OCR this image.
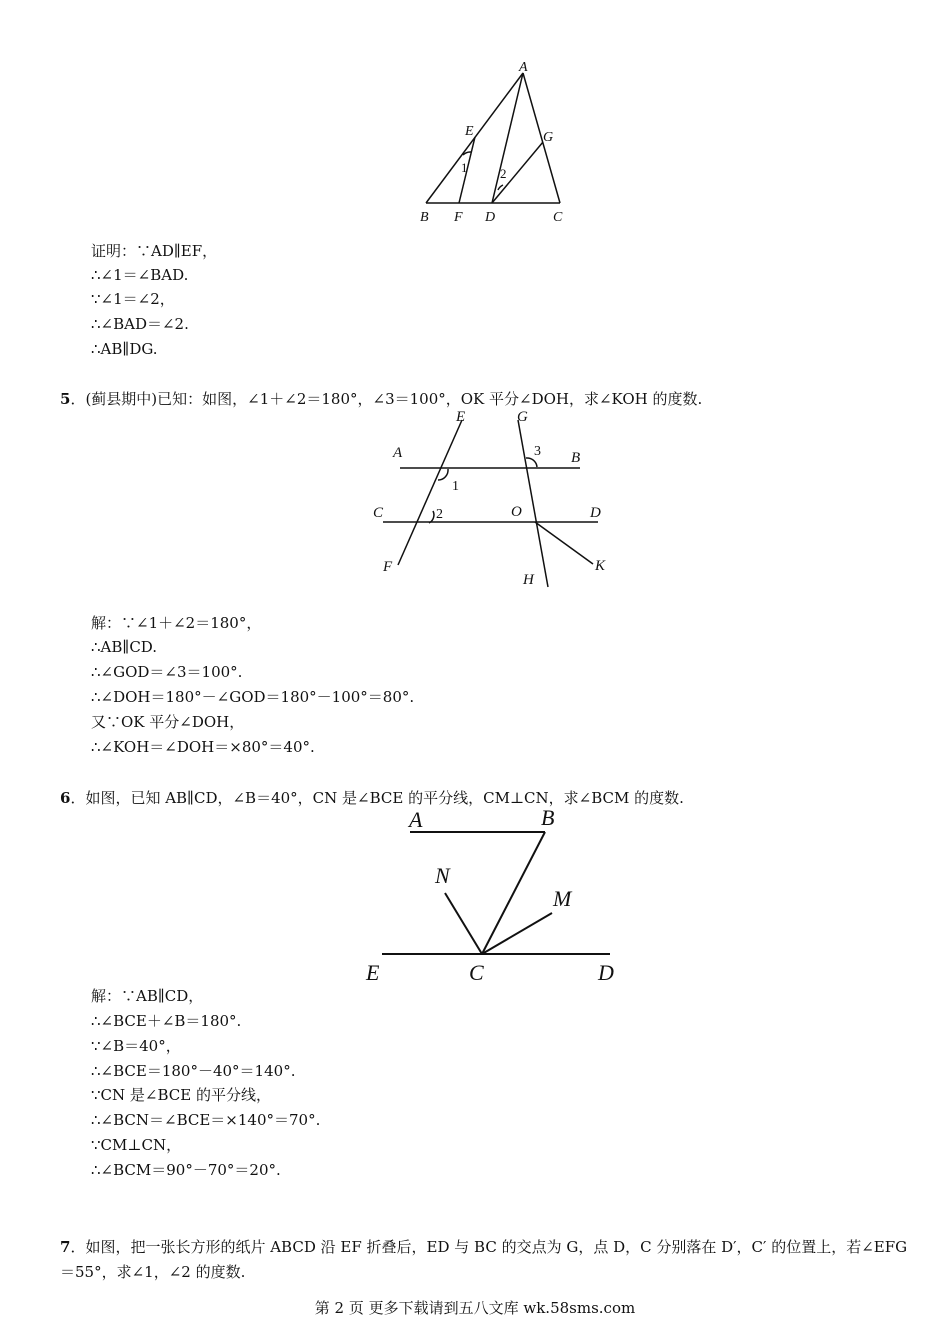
A
E	G
1	2
B F D	C
证明：∵AD∥EF，
∴∠1＝∠BAD.
∵∠1＝∠2，
∴∠BAD＝∠2.
∴AB∥DG.
5．(蓟县期中)已知：如图，∠1＋∠2＝180°，∠3＝100°，OK 平分∠DOH，求∠KOH 的度数.
E	G
A	B
3
1
C	2	O	D
F
H
K
解：∵∠1＋∠2＝180°，
∴AB∥CD.
∴∠GOD＝∠3＝100°.
∴∠DOH＝180°－∠GOD＝180°－100°＝80°.
又∵OK 平分∠DOH，
∴∠KOH＝∠DOH＝×80°＝40°.
6．如图，已知 AB∥CD，∠B＝40°，CN 是∠BCE 的平分线，CM⊥CN，求∠BCM 的度数.
A	B
N
M
E	C	D
解：∵AB∥CD，
∴∠BCE＋∠B＝180°.
∵∠B＝40°，
∴∠BCE＝180°－40°＝140°.
∵CN 是∠BCE 的平分线，
∴∠BCN＝∠BCE＝×140°＝70°.
∵CM⊥CN，
∴∠BCM＝90°－70°＝20°.
7．如图，把一张长方形的纸片 ABCD 沿 EF 折叠后，ED 与 BC 的交点为 G，点 D，C 分别落在 D′，C′ 的位置上，若∠EFG＝55°，求∠1，∠2 的度数.
第 2 页 更多下载请到五八文库 wk.58sms.com
